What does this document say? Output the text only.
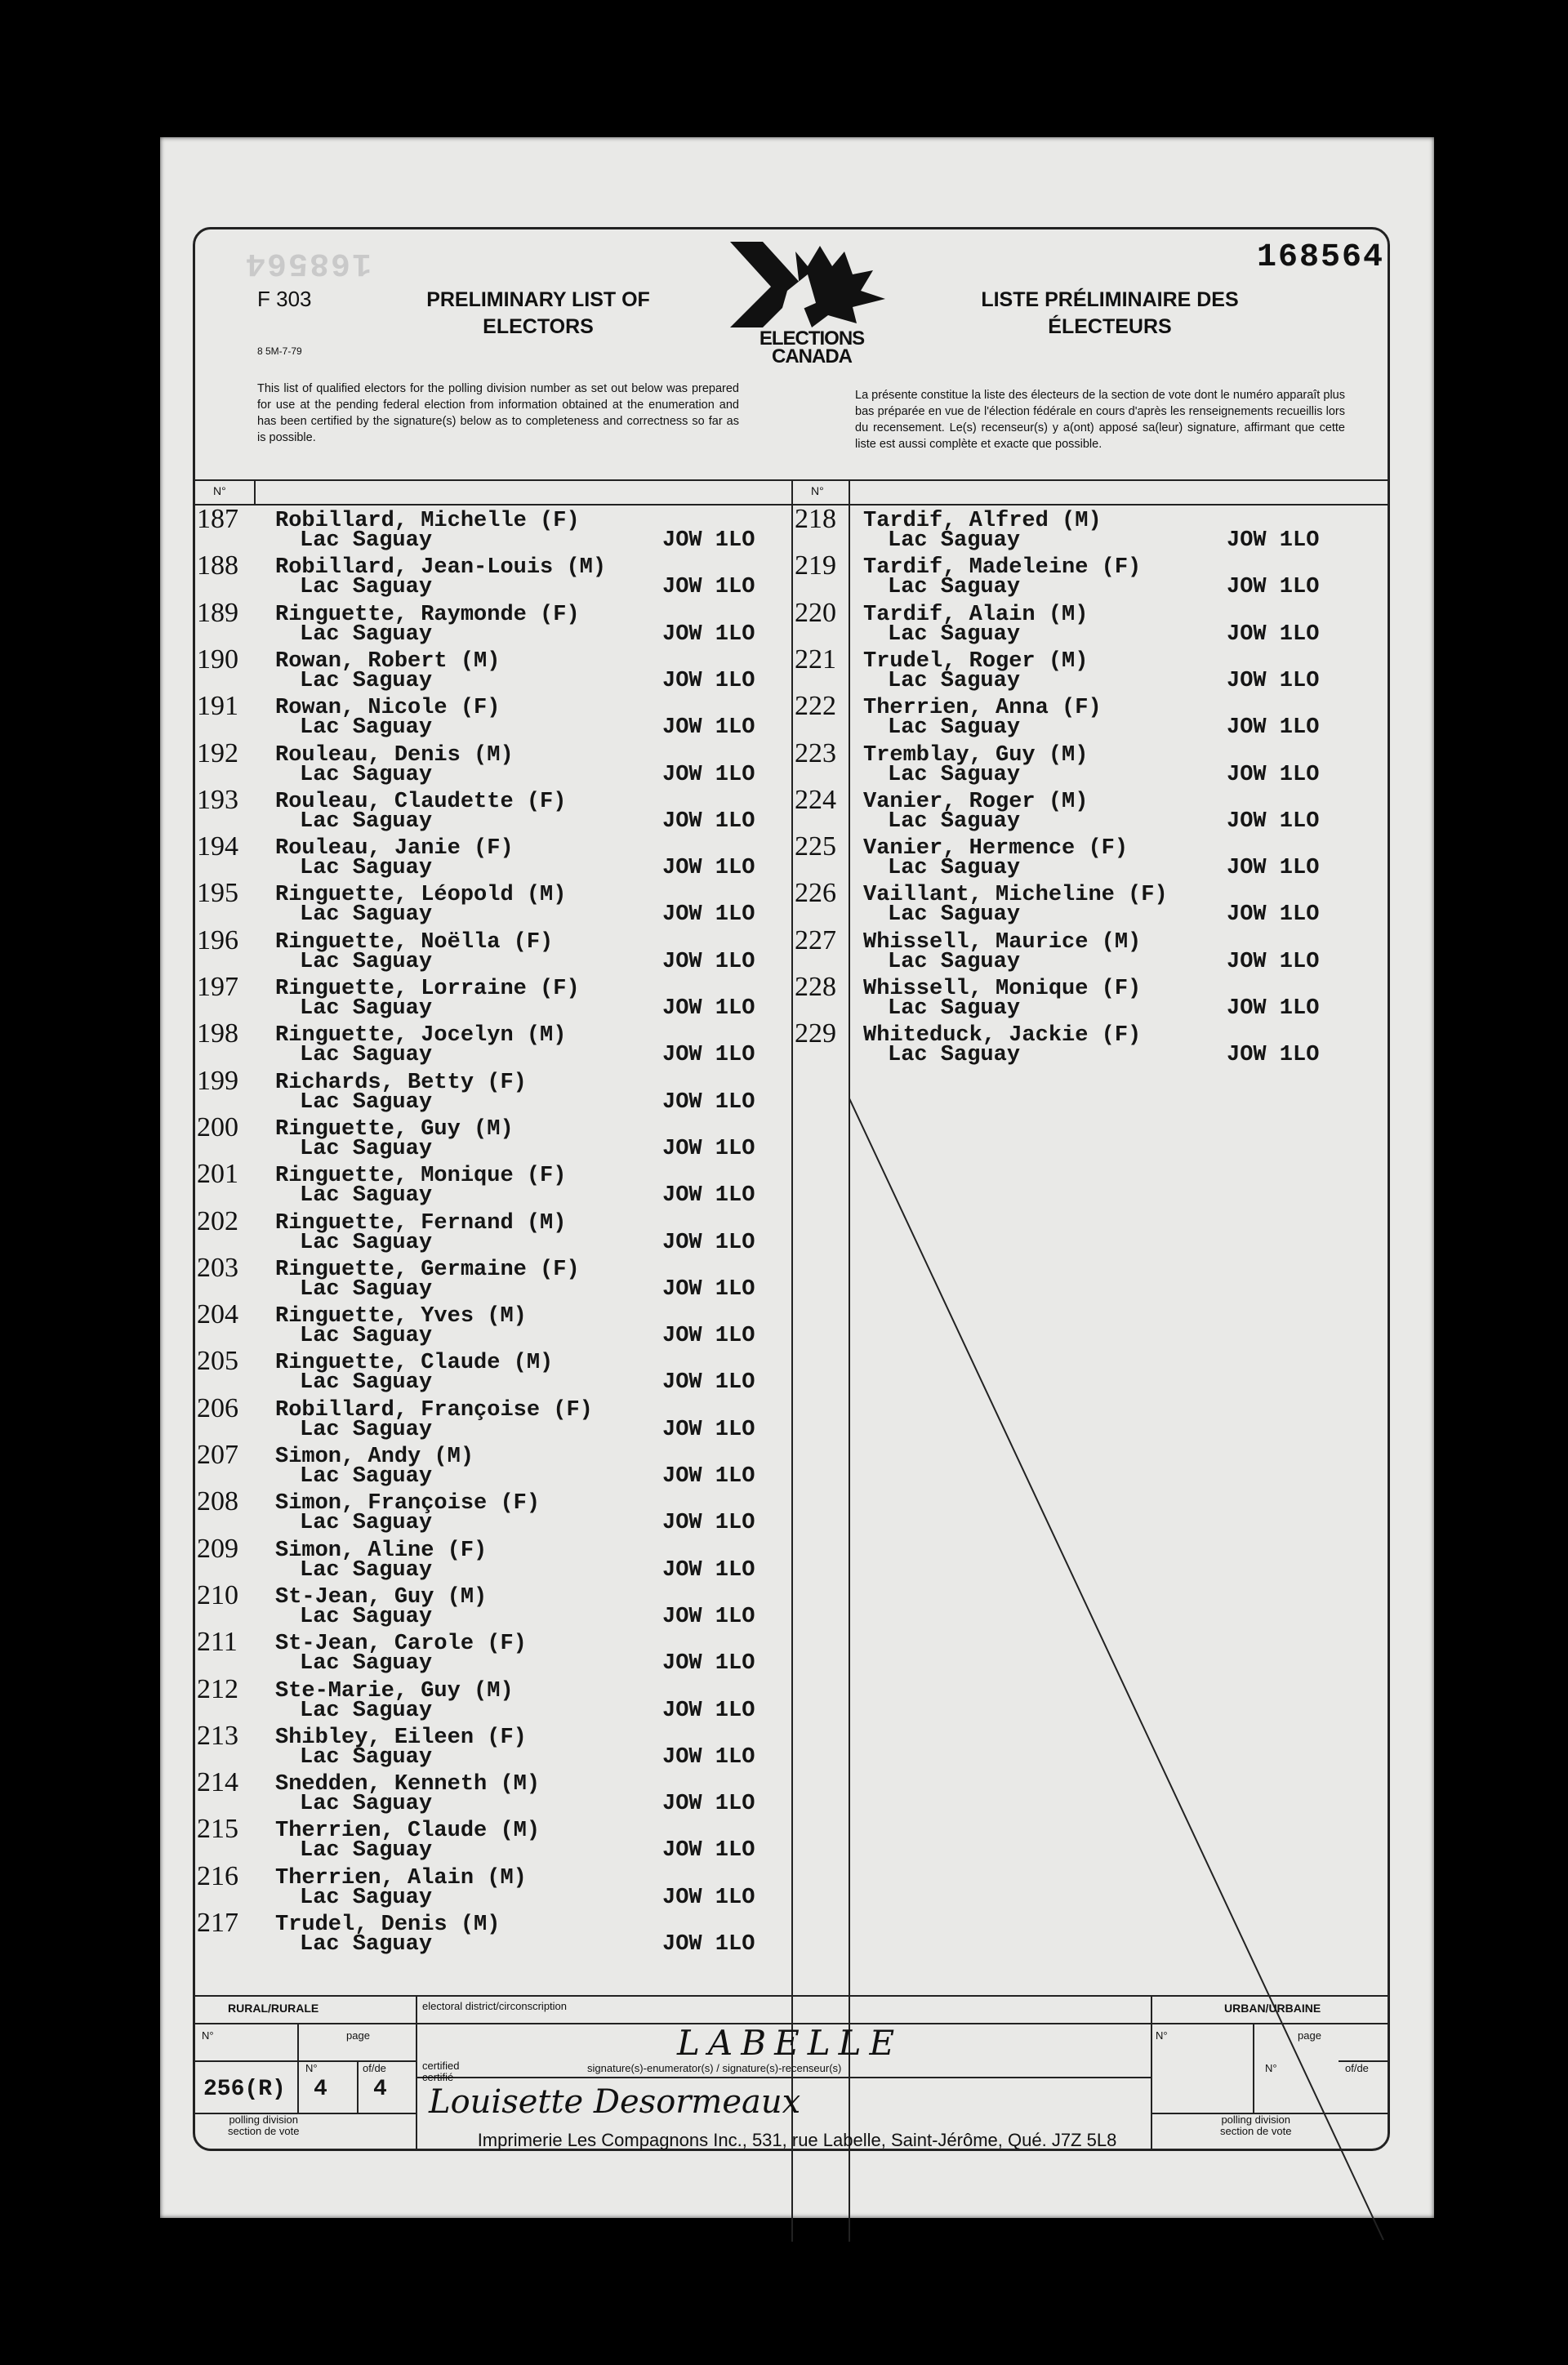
168564
F 303
8 5M-7-79
PRELIMINARY LIST OF ELECTORS
ELECTIONS CANADA
LISTE PRÉLIMINAIRE DES ÉLECTEURS
168564
This list of qualified electors for the polling division number as set out below was prepared for use at the pending federal election from information obtained at the enumeration and has been certified by the signature(s) below as to completeness and correctness so far as is possible.
La présente constitue la liste des électeurs de la section de vote dont le numéro apparaît plus bas préparée en vue de l'élection fédérale en cours d'après les renseignements recueillis lors du recensement. Le(s) recenseur(s) y a(ont) apposé sa(leur) signature, affirmant que cette liste est aussi complète et exacte que possible.
N°	N°
187	Robillard, Michelle (F)
Lac Saguay	JOW 1LO
188	Robillard, Jean-Louis (M)
Lac Saguay	JOW 1LO
189	Ringuette, Raymonde (F)
Lac Saguay	JOW 1LO
190	Rowan, Robert (M)
Lac Saguay	JOW 1LO
191	Rowan, Nicole (F)
Lac Saguay	JOW 1LO
192	Rouleau, Denis (M)
Lac Saguay	JOW 1LO
193	Rouleau, Claudette (F)
Lac Saguay	JOW 1LO
194	Rouleau, Janie (F)
Lac Saguay	JOW 1LO
195	Ringuette, Léopold (M)
Lac Saguay	JOW 1LO
196	Ringuette, Noëlla (F)
Lac Saguay	JOW 1LO
197	Ringuette, Lorraine (F)
Lac Saguay	JOW 1LO
198	Ringuette, Jocelyn (M)
Lac Saguay	JOW 1LO
199	Richards, Betty (F)
Lac Saguay	JOW 1LO
200	Ringuette, Guy (M)
Lac Saguay	JOW 1LO
201	Ringuette, Monique (F)
Lac Saguay	JOW 1LO
202	Ringuette, Fernand (M)
Lac Saguay	JOW 1LO
203	Ringuette, Germaine (F)
Lac Saguay	JOW 1LO
204	Ringuette, Yves (M)
Lac Saguay	JOW 1LO
205	Ringuette, Claude (M)
Lac Saguay	JOW 1LO
206	Robillard, Françoise (F)
Lac Saguay	JOW 1LO
207	Simon, Andy (M)
Lac Saguay	JOW 1LO
208	Simon, Françoise (F)
Lac Saguay	JOW 1LO
209	Simon, Aline (F)
Lac Saguay	JOW 1LO
210	St-Jean, Guy (M)
Lac Saguay	JOW 1LO
211	St-Jean, Carole (F)
Lac Saguay	JOW 1LO
212	Ste-Marie, Guy (M)
Lac Saguay	JOW 1LO
213	Shibley, Eileen (F)
Lac Saguay	JOW 1LO
214	Snedden, Kenneth (M)
Lac Saguay	JOW 1LO
215	Therrien, Claude (M)
Lac Saguay	JOW 1LO
216	Therrien, Alain (M)
Lac Saguay	JOW 1LO
217	Trudel, Denis (M)
Lac Saguay	JOW 1LO
218	Tardif, Alfred (M)
Lac Saguay	JOW 1LO
219	Tardif, Madeleine (F)
Lac Saguay	JOW 1LO
220	Tardif, Alain (M)
Lac Saguay	JOW 1LO
221	Trudel, Roger (M)
Lac Saguay	JOW 1LO
222	Therrien, Anna (F)
Lac Saguay	JOW 1LO
223	Tremblay, Guy (M)
Lac Saguay	JOW 1LO
224	Vanier, Roger (M)
Lac Saguay	JOW 1LO
225	Vanier, Hermence (F)
Lac Saguay	JOW 1LO
226	Vaillant, Micheline (F)
Lac Saguay	JOW 1LO
227	Whissell, Maurice (M)
Lac Saguay	JOW 1LO
228	Whissell, Monique (F)
Lac Saguay	JOW 1LO
229	Whiteduck, Jackie (F)
Lac Saguay	JOW 1LO
RURAL/RURALE
N°	page
N°	of/de
256(R) 4 4
polling division
section de vote
electoral district/circonscription
LABELLE
certified
certifié
signature(s)-enumerator(s) / signature(s)-recenseur(s)
Louisette Desormeaux
URBAN/URBAINE
N°	page
N°	of/de
polling division
section de vote
Imprimerie Les Compagnons Inc., 531, rue Labelle, Saint-Jérôme, Qué. J7Z 5L8
